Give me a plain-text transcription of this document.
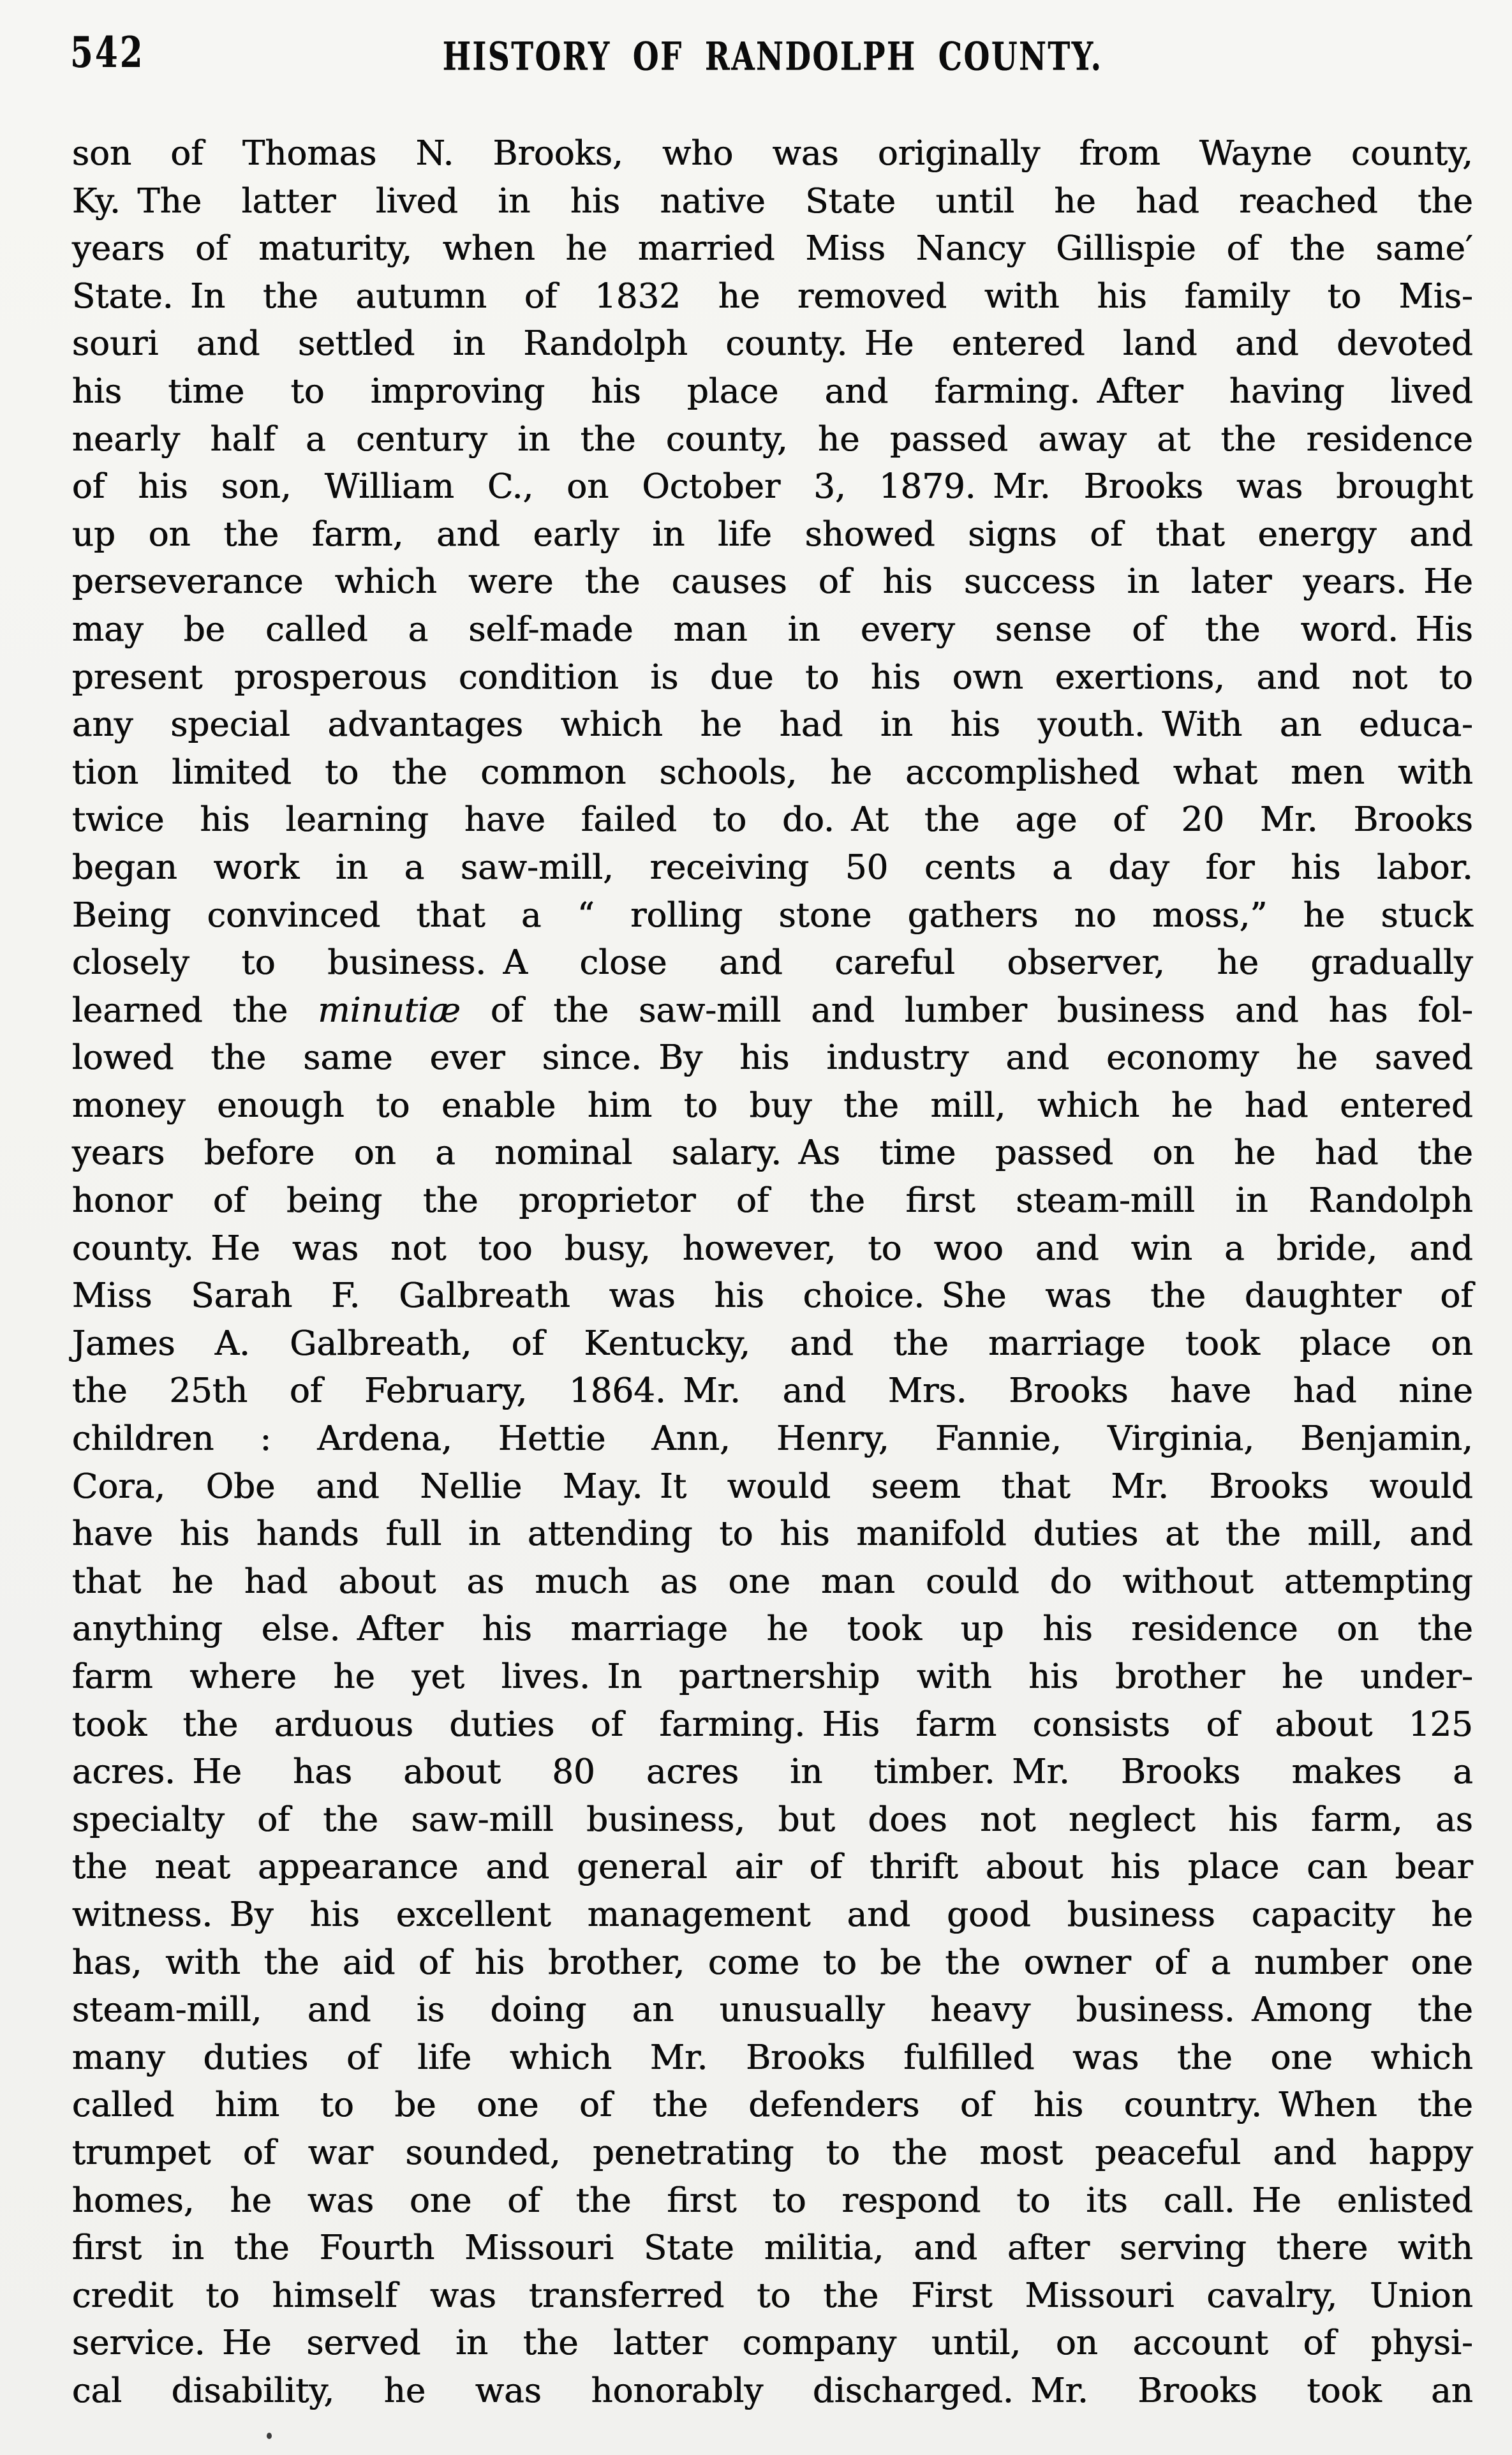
542	HISTORY OF RANDOLPH COUNTY.
son of Thomas N. Brooks, who was originally from Wayne county,
Ky. The latter lived in his native State until he had reached the
years of maturity, when he married Miss Nancy Gillispie of the same′
State. In the autumn of 1832 he removed with his family to Mis-
souri and settled in Randolph county. He entered land and devoted
his time to improving his place and farming. After having lived
nearly half a century in the county, he passed away at the residence
of his son, William C., on October 3, 1879. Mr. Brooks was brought
up on the farm, and early in life showed signs of that energy and
perseverance which were the causes of his success in later years. He
may be called a self-made man in every sense of the word. His
present prosperous condition is due to his own exertions, and not to
any special advantages which he had in his youth. With an educa-
tion limited to the common schools, he accomplished what men with
twice his learning have failed to do. At the age of 20 Mr. Brooks
began work in a saw-mill, receiving 50 cents a day for his labor.
Being convinced that a “ rolling stone gathers no moss,” he stuck
closely to business. A close and careful observer, he gradually
learned the minutiæ of the saw-mill and lumber business and has fol-
lowed the same ever since. By his industry and economy he saved
money enough to enable him to buy the mill, which he had entered
years before on a nominal salary. As time passed on he had the
honor of being the proprietor of the first steam-mill in Randolph
county. He was not too busy, however, to woo and win a bride, and
Miss Sarah F. Galbreath was his choice. She was the daughter of
James A. Galbreath, of Kentucky, and the marriage took place on
the 25th of February, 1864. Mr. and Mrs. Brooks have had nine
children : Ardena, Hettie Ann, Henry, Fannie, Virginia, Benjamin,
Cora, Obe and Nellie May. It would seem that Mr. Brooks would
have his hands full in attending to his manifold duties at the mill, and
that he had about as much as one man could do without attempting
anything else. After his marriage he took up his residence on the
farm where he yet lives. In partnership with his brother he under-
took the arduous duties of farming. His farm consists of about 125
acres. He has about 80 acres in timber. Mr. Brooks makes a
specialty of the saw-mill business, but does not neglect his farm, as
the neat appearance and general air of thrift about his place can bear
witness. By his excellent management and good business capacity he
has, with the aid of his brother, come to be the owner of a number one
steam-mill, and is doing an unusually heavy business. Among the
many duties of life which Mr. Brooks fulfilled was the one which
called him to be one of the defenders of his country. When the
trumpet of war sounded, penetrating to the most peaceful and happy
homes, he was one of the first to respond to its call. He enlisted
first in the Fourth Missouri State militia, and after serving there with
credit to himself was transferred to the First Missouri cavalry, Union
service. He served in the latter company until, on account of physi-
cal disability, he was honorably discharged. Mr. Brooks took an
